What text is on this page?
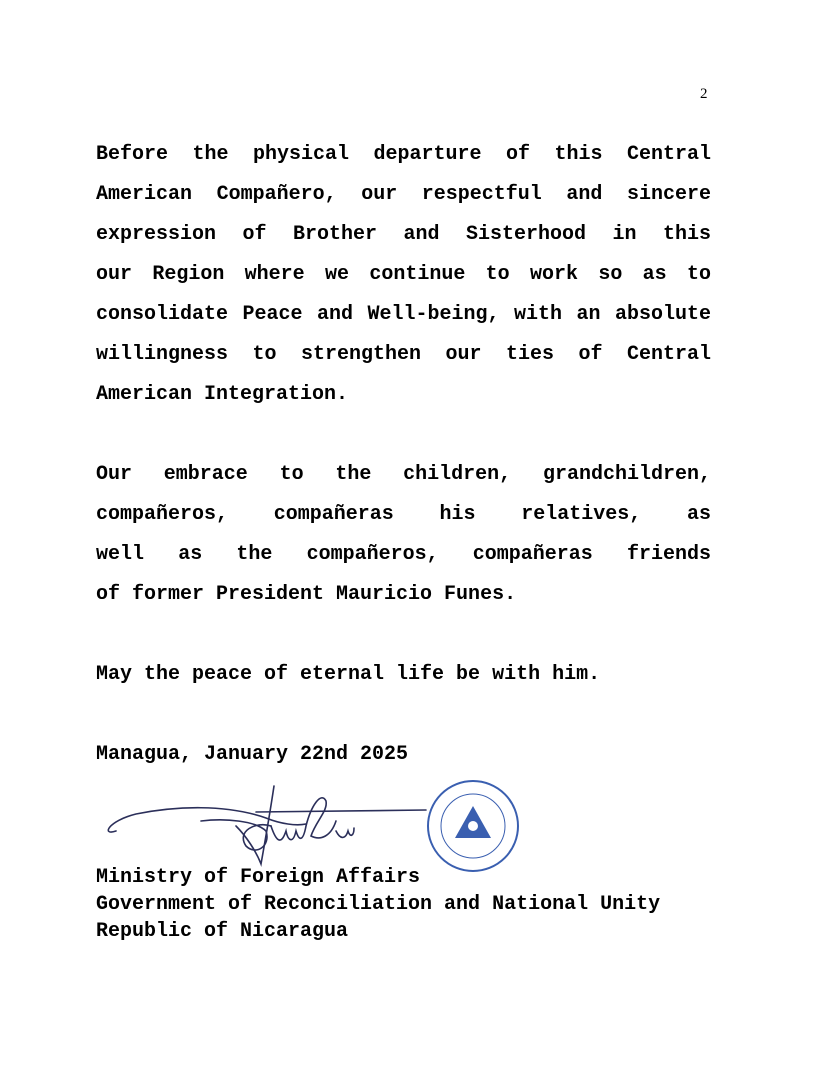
2
Before the physical departure of this Central
American Compañero, our respectful and sincere
expression of Brother and Sisterhood in this
our Region where we continue to work so as to
consolidate Peace and Well-being, with an absolute
willingness to strengthen our ties of Central
American Integration.
Our embrace to the children, grandchildren,
compañeros, compañeras his relatives, as
well as the compañeros, compañeras friends
of former President Mauricio Funes.
May the peace of eternal life be with him.
Managua, January 22nd 2025
Ministry of Foreign Affairs
Government of Reconciliation and National Unity
Republic of Nicaragua
